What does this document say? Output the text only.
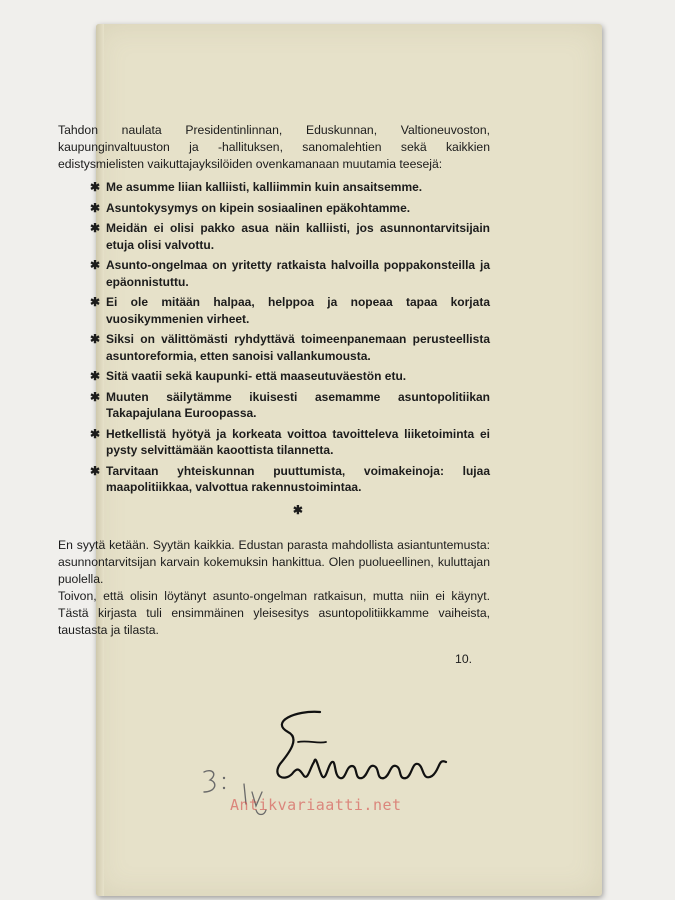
Tahdon naulata Presidentinlinnan, Eduskunnan, Valtioneuvoston, kaupunginvaltuuston ja -hallituksen, sanomalehtien sekä kaikkien edistysmielisten vaikuttajayksilöiden ovenkamanaan muutamia teesejä:

✱ Me asumme liian kalliisti, kalliimmin kuin ansaitsemme.
✱ Asuntokysymys on kipein sosiaalinen epäkohtamme.
✱ Meidän ei olisi pakko asua näin kalliisti, jos asunnontarvitsijain etuja olisi valvottu.
✱ Asunto-ongelmaa on yritetty ratkaista halvoilla poppakonsteilla ja epäonnistuttu.
✱ Ei ole mitään halpaa, helppoa ja nopeaa tapaa korjata vuosikymmenien virheet.
✱ Siksi on välittömästi ryhdyttävä toimeenpanemaan perusteellista asuntoreformia, etten sanoisi vallankumousta.
✱ Sitä vaatii sekä kaupunki- että maaseutuväestön etu.
✱ Muuten säilytämme ikuisesti asemamme asuntopolitiikan Takapajulana Euroopassa.
✱ Hetkellistä hyötyä ja korkeata voittoa tavoitteleva liiketoiminta ei pysty selvittämään kaoottista tilannetta.
✱ Tarvitaan yhteiskunnan puuttumista, voimakeinoja: lujaa maapolitiikkaa, valvottua rakennustoimintaa.
✱

En syytä ketään. Syytän kaikkia. Edustan parasta mahdollista asiantuntemusta: asunnontarvitsijan karvain kokemuksin hankittua. Olen puolueellinen, kuluttajan puolella.

Toivon, että olisin löytänyt asunto-ongelman ratkaisun, mutta niin ei käynyt. Tästä kirjasta tuli ensimmäinen yleisesitys asuntopolitiikkamme vaiheista, taustasta ja tilasta.

10.
Antikvariaatti.net
